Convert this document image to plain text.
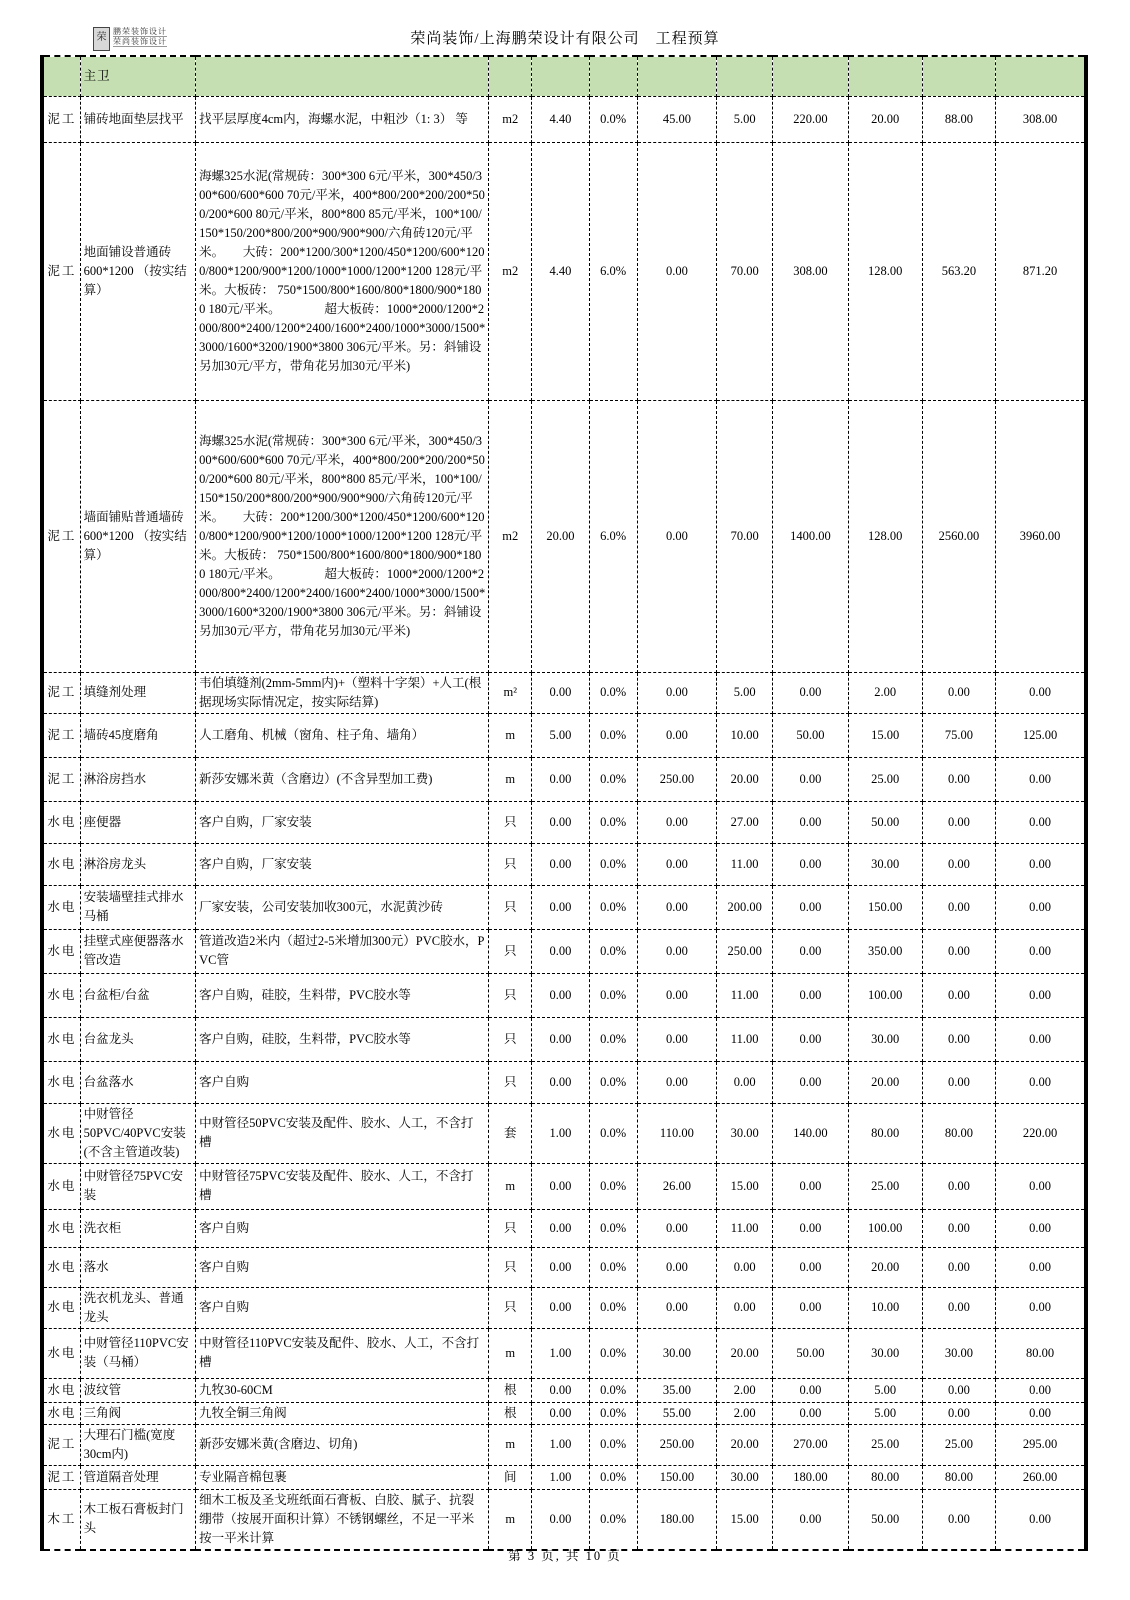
荣
鹏荣装饰设计
荣尚装饰设计	荣尚装饰/上海鹏荣设计有限公司　工程预算
	主卫										
泥工	铺砖地面垫层找平	找平层厚度4cm内，海螺水泥，中粗沙（1: 3） 等	m2	4.40	0.0%	45.00	5.00	220.00	20.00	88.00	308.00
泥工	地面铺设普通砖600*1200 （按实结算）	海螺325水泥(常规砖：300*300 6元/平米，300*450/300*600/600*600 70元/平米，400*800/200*200/200*500/200*600 80元/平米，800*800 85元/平米，100*100/150*150/200*800/200*900/900*900/六角砖120元/平米。　　大砖：200*1200/300*1200/450*1200/600*1200/800*1200/900*1200/1000*1000/1200*1200 128元/平米。大板砖： 750*1500/800*1600/800*1800/900*1800 180元/平米。　　　　超大板砖：1000*2000/1200*2000/800*2400/1200*2400/1600*2400/1000*3000/1500*3000/1600*3200/1900*3800 306元/平米。另：斜铺设另加30元/平方，带角花另加30元/平米)	m2	4.40	6.0%	0.00	70.00	308.00	128.00	563.20	871.20
泥工	墙面铺贴普通墙砖600*1200 （按实结算）	海螺325水泥(常规砖：300*300 6元/平米，300*450/300*600/600*600 70元/平米，400*800/200*200/200*500/200*600 80元/平米，800*800 85元/平米，100*100/150*150/200*800/200*900/900*900/六角砖120元/平米。　　大砖：200*1200/300*1200/450*1200/600*1200/800*1200/900*1200/1000*1000/1200*1200 128元/平米。大板砖： 750*1500/800*1600/800*1800/900*1800 180元/平米。　　　　超大板砖：1000*2000/1200*2000/800*2400/1200*2400/1600*2400/1000*3000/1500*3000/1600*3200/1900*3800 306元/平米。另：斜铺设另加30元/平方，带角花另加30元/平米)	m2	20.00	6.0%	0.00	70.00	1400.00	128.00	2560.00	3960.00
泥工	填缝剂处理	韦伯填缝剂(2mm-5mm内)+（塑料十字架）+人工(根据现场实际情况定，按实际结算)	m²	0.00	0.0%	0.00	5.00	0.00	2.00	0.00	0.00
泥工	墙砖45度磨角	人工磨角、机械（窗角、柱子角、墙角）	m	5.00	0.0%	0.00	10.00	50.00	15.00	75.00	125.00
泥工	淋浴房挡水	新莎安娜米黄（含磨边）(不含异型加工费)	m	0.00	0.0%	250.00	20.00	0.00	25.00	0.00	0.00
水电	座便器	客户自购，厂家安装	只	0.00	0.0%	0.00	27.00	0.00	50.00	0.00	0.00
水电	淋浴房龙头	客户自购，厂家安装	只	0.00	0.0%	0.00	11.00	0.00	30.00	0.00	0.00
水电	安装墙壁挂式排水马桶	厂家安装，公司安装加收300元，水泥黄沙砖	只	0.00	0.0%	0.00	200.00	0.00	150.00	0.00	0.00
水电	挂壁式座便器落水管改造	管道改造2米内（超过2-5米增加300元）PVC胶水，PVC管	只	0.00	0.0%	0.00	250.00	0.00	350.00	0.00	0.00
水电	台盆柜/台盆	客户自购，硅胶，生料带，PVC胶水等	只	0.00	0.0%	0.00	11.00	0.00	100.00	0.00	0.00
水电	台盆龙头	客户自购，硅胶，生料带，PVC胶水等	只	0.00	0.0%	0.00	11.00	0.00	30.00	0.00	0.00
水电	台盆落水	客户自购	只	0.00	0.0%	0.00	0.00	0.00	20.00	0.00	0.00
水电	中财管径50PVC/40PVC安装(不含主管道改装)	中财管径50PVC安装及配件、胶水、人工，不含打槽	套	1.00	0.0%	110.00	30.00	140.00	80.00	80.00	220.00
水电	中财管径75PVC安装	中财管径75PVC安装及配件、胶水、人工，不含打槽	m	0.00	0.0%	26.00	15.00	0.00	25.00	0.00	0.00
水电	洗衣柜	客户自购	只	0.00	0.0%	0.00	11.00	0.00	100.00	0.00	0.00
水电	落水	客户自购	只	0.00	0.0%	0.00	0.00	0.00	20.00	0.00	0.00
水电	洗衣机龙头、普通龙头	客户自购	只	0.00	0.0%	0.00	0.00	0.00	10.00	0.00	0.00
水电	中财管径110PVC安装（马桶）	中财管径110PVC安装及配件、胶水、人工，不含打槽	m	1.00	0.0%	30.00	20.00	50.00	30.00	30.00	80.00
水电	波纹管	九牧30-60CM	根	0.00	0.0%	35.00	2.00	0.00	5.00	0.00	0.00
水电	三角阀	九牧全铜三角阀	根	0.00	0.0%	55.00	2.00	0.00	5.00	0.00	0.00
泥工	大理石门槛(宽度30cm内)	新莎安娜米黄(含磨边、切角)	m	1.00	0.0%	250.00	20.00	270.00	25.00	25.00	295.00
泥工	管道隔音处理	专业隔音棉包裹	间	1.00	0.0%	150.00	30.00	180.00	80.00	80.00	260.00
木工	木工板石膏板封门头	细木工板及圣戈班纸面石膏板、白胶、腻子、抗裂绷带（按展开面积计算）不锈钢螺丝，不足一平米按一平米计算	m	0.00	0.0%	180.00	15.00	0.00	50.00	0.00	0.00
第 3 页, 共 10 页
